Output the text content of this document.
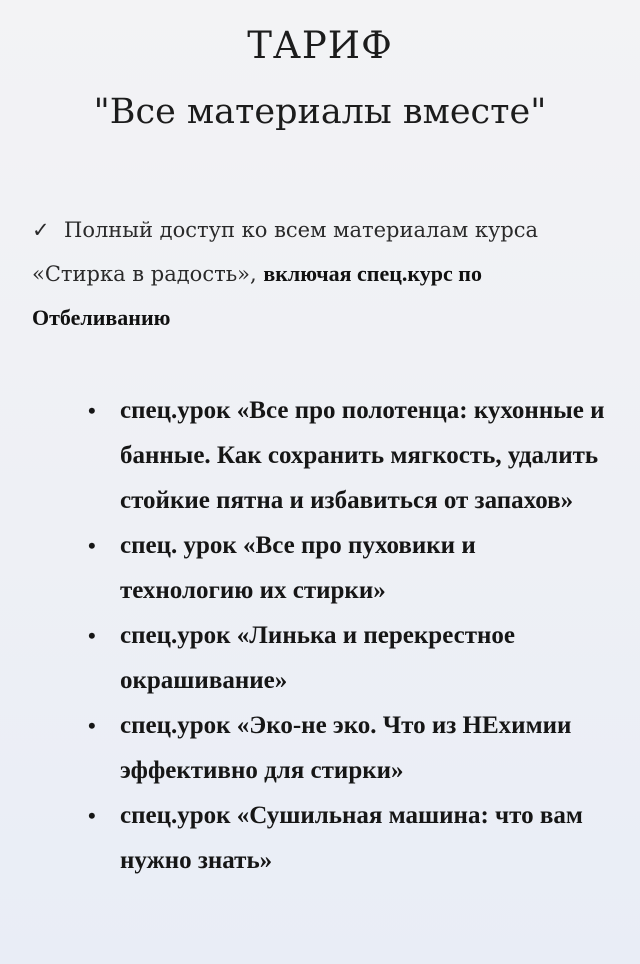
ТАРИФ
"Все материалы вместе"
✓ Полный доступ ко всем материалам курса «Стирка в радость», включая спец.курс по Отбеливанию
• спец.урок «Все про полотенца: кухонные и банные. Как сохранить мягкость, удалить стойкие пятна и избавиться от запахов»
• спец. урок «Все про пуховики и технологию их стирки»
• спец.урок «Линька и перекрестное окрашивание»
• спец.урок «Эко-не эко. Что из НЕхимии эффективно для стирки»
• спец.урок «Сушильная машина: что вам нужно знать»
